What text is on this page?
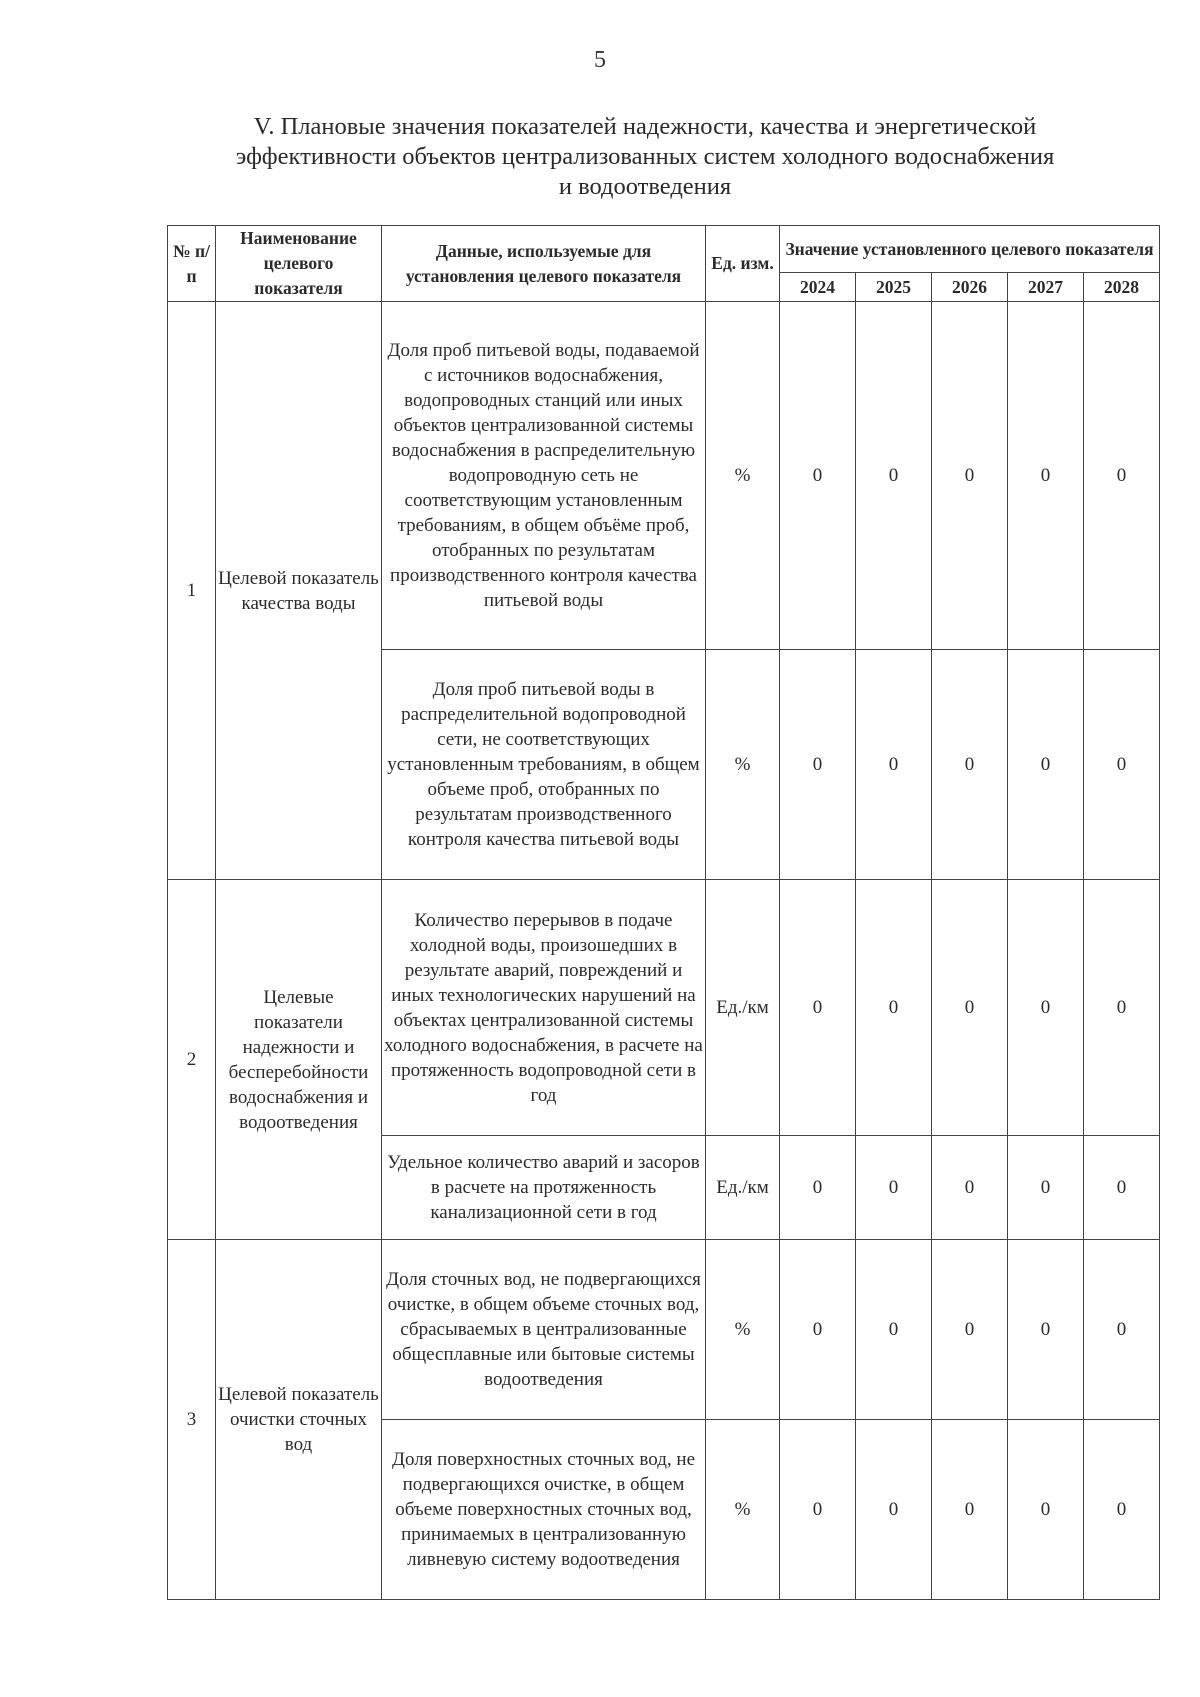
5
V. Плановые значения показателей надежности, качества и энергетической
эффективности объектов централизованных систем холодного водоснабжения
и водоотведения
№ п/п	Наименование целевого показателя	Данные, используемые для установления целевого показателя	Ед. изм.	Значение установленного целевого показателя				
				2024	2025	2026	2027	2028
1	Целевой показатель качества воды	Доля проб питьевой воды, подаваемой с источников водоснабжения, водопроводных станций или иных объектов централизованной системы водоснабжения в распределительную водопроводную сеть не соответствующим установленным требованиям, в общем объёме проб, отобранных по результатам производственного контроля качества питьевой воды	%	0	0	0	0	0
		Доля проб питьевой воды в распределительной водопроводной сети, не соответствующих установленным требованиям, в общем объеме проб, отобранных по результатам производственного контроля качества питьевой воды	%	0	0	0	0	0
2	Целевые показатели надежности и бесперебойности водоснабжения и водоотведения	Количество перерывов в подаче холодной воды, произошедших в результате аварий, повреждений и иных технологических нарушений на объектах централизованной системы холодного водоснабжения, в расчете на протяженность водопроводной сети в год	Ед./км	0	0	0	0	0
		Удельное количество аварий и засоров в расчете на протяженность канализационной сети в год	Ед./км	0	0	0	0	0
3	Целевой показатель очистки сточных вод	Доля сточных вод, не подвергающихся очистке, в общем объеме сточных вод, сбрасываемых в централизованные общесплавные или бытовые системы водоотведения	%	0	0	0	0	0
		Доля поверхностных сточных вод, не подвергающихся очистке, в общем объеме поверхностных сточных вод, принимаемых в централизованную ливневую систему водоотведения	%	0	0	0	0	0
